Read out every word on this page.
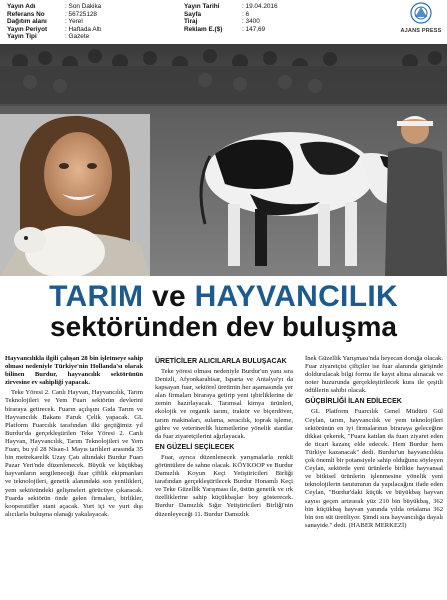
Yayın Adı	: Son Dakika
Referans No	: 56725128
Dağıtım alanı	: Yerel
Yayın Periyot	: Haftada Altı
Yayın Tipi	: Gazete
Yayın Tarihi	: 19.04.2016
Sayfa	: 6
Tiraj	: 3400
Reklam E.($)	: 147,69	AJANS PRESS
TARIM ve HAYVANCILIK
sektöründen dev buluşma

Hayvancılıkla ilgili çalışan 28 bin işletmeye sahip olması nedeniyle Türkiye'nin Hollanda'sı olarak bilinen Burdur, hayvancılık sektörünün zirvesine ev sahipliği yapacak.

Teke Yöresi 2. Canlı Hayvan, Hayvancılık, Tarım Teknolojileri ve Yem Fuarı sektörün devlerini biraraya getirecek. Fuarın açılışını Gıda Tarım ve Hayvancılık Bakanı Faruk Çelik yapacak. GL Platform Fuarcılık tarafından ilki geçtiğimiz yıl Burdur'da gerçekleştirilen Teke Yöresi 2. Canlı Hayvan, Hayvancılık, Tarım Teknolojileri ve Yem Fuarı, bu yıl 28 Nisan-1 Mayıs tarihleri arasında 35 bin metrekarelik Uzay Çatı altındaki Burdur Fuarı Pazar Yeri'nde düzenlenecek. Büyük ve küçükbaş hayvanların sergileneceği fuar çiftlik ekipmanları ve teknolojileri, genetik alanındaki son yenilikleri, yem sektöründeki gelişmeleri görücüye çıkaracak. Fuarda sektörün önde gelen firmaları, birlikler, kooperatifler stant açacak. Yurt içi ve yurt dışı alıcılarla buluşma olanağı yakalayacak.

ÜRETİCİLER ALICILARLA BULUŞACAK

Teke yöresi olması nedeniyle Burdur'un yanı sıra Denizli, Afyonkarahisar, Isparta ve Antalya'yı da kapsayan fuar, sektörel üretimin her aşamasında yer alan firmaları biraraya getirip yeni işbirliklerine de zemin hazırlayacak. Tarımsal kimya ürünleri, ekolojik ve organik tarım, traktör ve biçerdöver, tarım makinaları, sulama, seracılık, toprak işleme, gübre ve veterinerlik hizmetlerine yönelik stantlar da fuar ziyaretçilerini ağırlayacak.

EN GÜZELİ SEÇİLECEK

Fuar, ayrıca düzenlenecek yarışmalarla renkli görüntülere de sahne olacak. KÖYKOOP ve Burdur Damızlık Koyun Keçi Yetiştiricileri Birliği tarafından gerçekleştirilecek Burdur Honamlı Keçi ve Teke Güzellik Yarışması ile, üstün genetik ve ırk özelliklerine sahip küçükbaşlar boy gösterecek. Burdur Damızlık Sığır Yetiştiricileri Birliği'nin düzenleyeceği 11. Burdur Damızlık

İnek Güzellik Yarışması'nda heyecan doruğa olacak. Fuar ziyaretçisi çiftçiler ise fuar alanında girişinde doldurulacak bilgi formu ile kayıt altına alınacak ve noter huzurunda gerçekleştirilecek kura ile çeşitli ödüllerin sahibi olacak.

GÜÇBİRLİĞİ İLAN EDİLECEK

GL Platform Fuarcılık Genel Müdürü Gül Ceylan, tarım, hayvancılık ve yem teknolojileri sektörünün en iyi firmalarının biraraya geleceğine dikkat çekerek, "Fuara katılan da fuarı ziyaret eden de ticari kazanç elde edecek. Hem Burdur hem Türkiye kazanacak" dedi. Burdur'un hayvancılıkta çok önemli bir potansiyele sahip olduğunu söyleyen Ceylan, sektörde yeni ürünlerle birlikte hayvansal ve bitkisel ürünlerin işlenmesine yönelik yeni teknolojilerin tanıtımının da yapılacağını ifade eden Ceylan, "Burdur'daki küçük ve büyükbaş hayvan sayısı geçen artırarak yüz 210 bin büyükbaş, 362 bin küçükbaş hayvan yanında yılda ortalama 362 bin ton süt üretiliyor. Şimdi sıra hayvancılığa dayalı sanayide." dedi. (HABER MERKEZİ)
